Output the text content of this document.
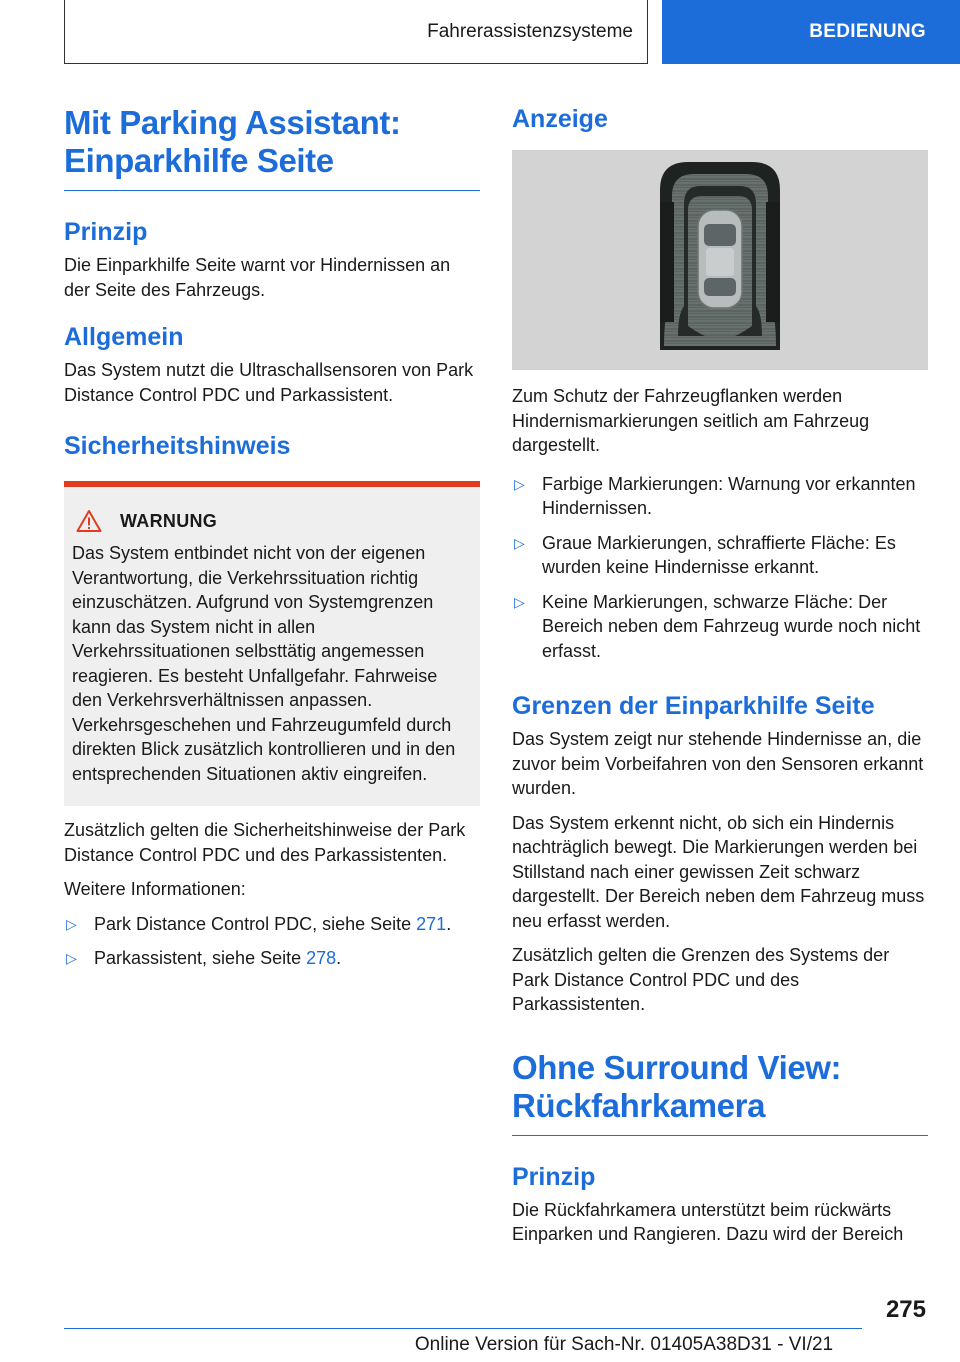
Fahrerassistenzsysteme	BEDIENUNG
Mit Parking Assistant:
Einparkhilfe Seite
Prinzip

Die Einparkhilfe Seite warnt vor Hindernissen an der Seite des Fahrzeugs.

Allgemein

Das System nutzt die Ultraschallsensoren von Park Distance Control PDC und Parkassistent.

Sicherheitshinweis
WARNUNG
Das System entbindet nicht von der eigenen Verantwortung, die Verkehrssituation richtig einzuschätzen. Aufgrund von Systemgrenzen kann das System nicht in allen Verkehrssituationen selbsttätig angemessen reagieren. Es besteht Unfallgefahr. Fahrweise den Verkehrsverhältnissen anpassen. Verkehrsgeschehen und Fahrzeugumfeld durch direkten Blick zusätzlich kontrollieren und in den entsprechenden Situationen aktiv eingreifen.

Zusätzlich gelten die Sicherheitshinweise der Park Distance Control PDC und des Parkassistenten.

Weitere Informationen:

▷ Park Distance Control PDC, siehe Seite 271.
▷ Parkassistent, siehe Seite 278.
Anzeige

Zum Schutz der Fahrzeugflanken werden Hindernismarkierungen seitlich am Fahrzeug dargestellt.

▷ Farbige Markierungen: Warnung vor erkannten Hindernissen.
▷ Graue Markierungen, schraffierte Fläche: Es wurden keine Hindernisse erkannt.
▷ Keine Markierungen, schwarze Fläche: Der Bereich neben dem Fahrzeug wurde noch nicht erfasst.
Grenzen der Einparkhilfe Seite

Das System zeigt nur stehende Hindernisse an, die zuvor beim Vorbeifahren von den Sensoren erkannt wurden.

Das System erkennt nicht, ob sich ein Hindernis nachträglich bewegt. Die Markierungen werden bei Stillstand nach einer gewissen Zeit schwarz dargestellt. Der Bereich neben dem Fahrzeug muss neu erfasst werden.

Zusätzlich gelten die Grenzen des Systems der Park Distance Control PDC und des Parkassistenten.

Ohne Surround View:
Rückfahrkamera
Prinzip

Die Rückfahrkamera unterstützt beim rückwärts Einparken und Rangieren. Dazu wird der Bereich

275
Online Version für Sach-Nr. 01405A38D31 - VI/21
